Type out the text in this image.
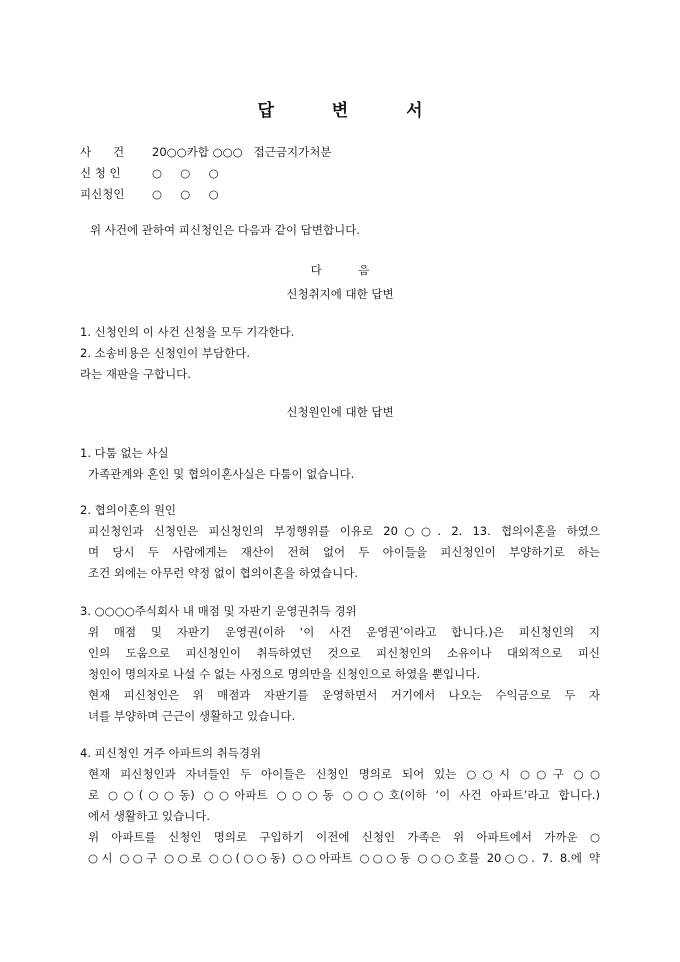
답 변 서
사      건	20○○카합 ○○○   접근금지가처분
신 청 인	○     ○     ○
피신청인	○     ○     ○
위 사건에 관하여 피신청인은 다음과 같이 답변합니다.
다          음
신청취지에 대한 답변
1. 신청인의 이 사건 신청을 모두 기각한다.
2. 소송비용은 신청인이 부담한다.
라는 재판을 구합니다.
신청원인에 대한 답변
1. 다툼 없는 사실
가족관계와 혼인 및 협의이혼사실은 다툼이 없습니다.
2. 협의이혼의 원인
피신청인과 신청인은 피신청인의 부정행위를 이유로 20○○. 2. 13. 협의이혼을 하였으
며 당시 두 사람에게는 재산이 전혀 없어 두 아이들을 피신청인이 부양하기로 하는
조건 외에는 아무런 약정 없이 협의이혼을 하였습니다.
3. ○○○○주식회사 내 매점 및 자판기 운영권취득 경위
위 매점 및 자판기 운영권(이하 ‘이 사건 운영권’이라고 합니다.)은 피신청인의 지
인의 도움으로 피신청인이 취득하였던 것으로 피신청인의 소유이나 대외적으로 피신
청인이 명의자로 나설 수 없는 사정으로 명의만을 신청인으로 하였을 뿐입니다.
현재 피신청인은 위 매점과 자판기를 운영하면서 거기에서 나오는 수익금으로 두 자
녀를 부양하며 근근이 생활하고 있습니다.
4. 피신청인 거주 아파트의 취득경위
현재 피신청인과 자녀들인 두 아이들은 신청인 명의로 되어 있는 ○○시 ○○구 ○○
로 ○○(○○동) ○○아파트 ○○○동 ○○○호(이하 ‘이 사건 아파트’라고 합니다.)
에서 생활하고 있습니다.
위 아파트를 신청인 명의로 구입하기 이전에 신청인 가족은 위 아파트에서 가까운 ○
○시 ○○구 ○○로 ○○(○○동) ○○아파트 ○○○동 ○○○호를 20○○. 7. 8.에 약
